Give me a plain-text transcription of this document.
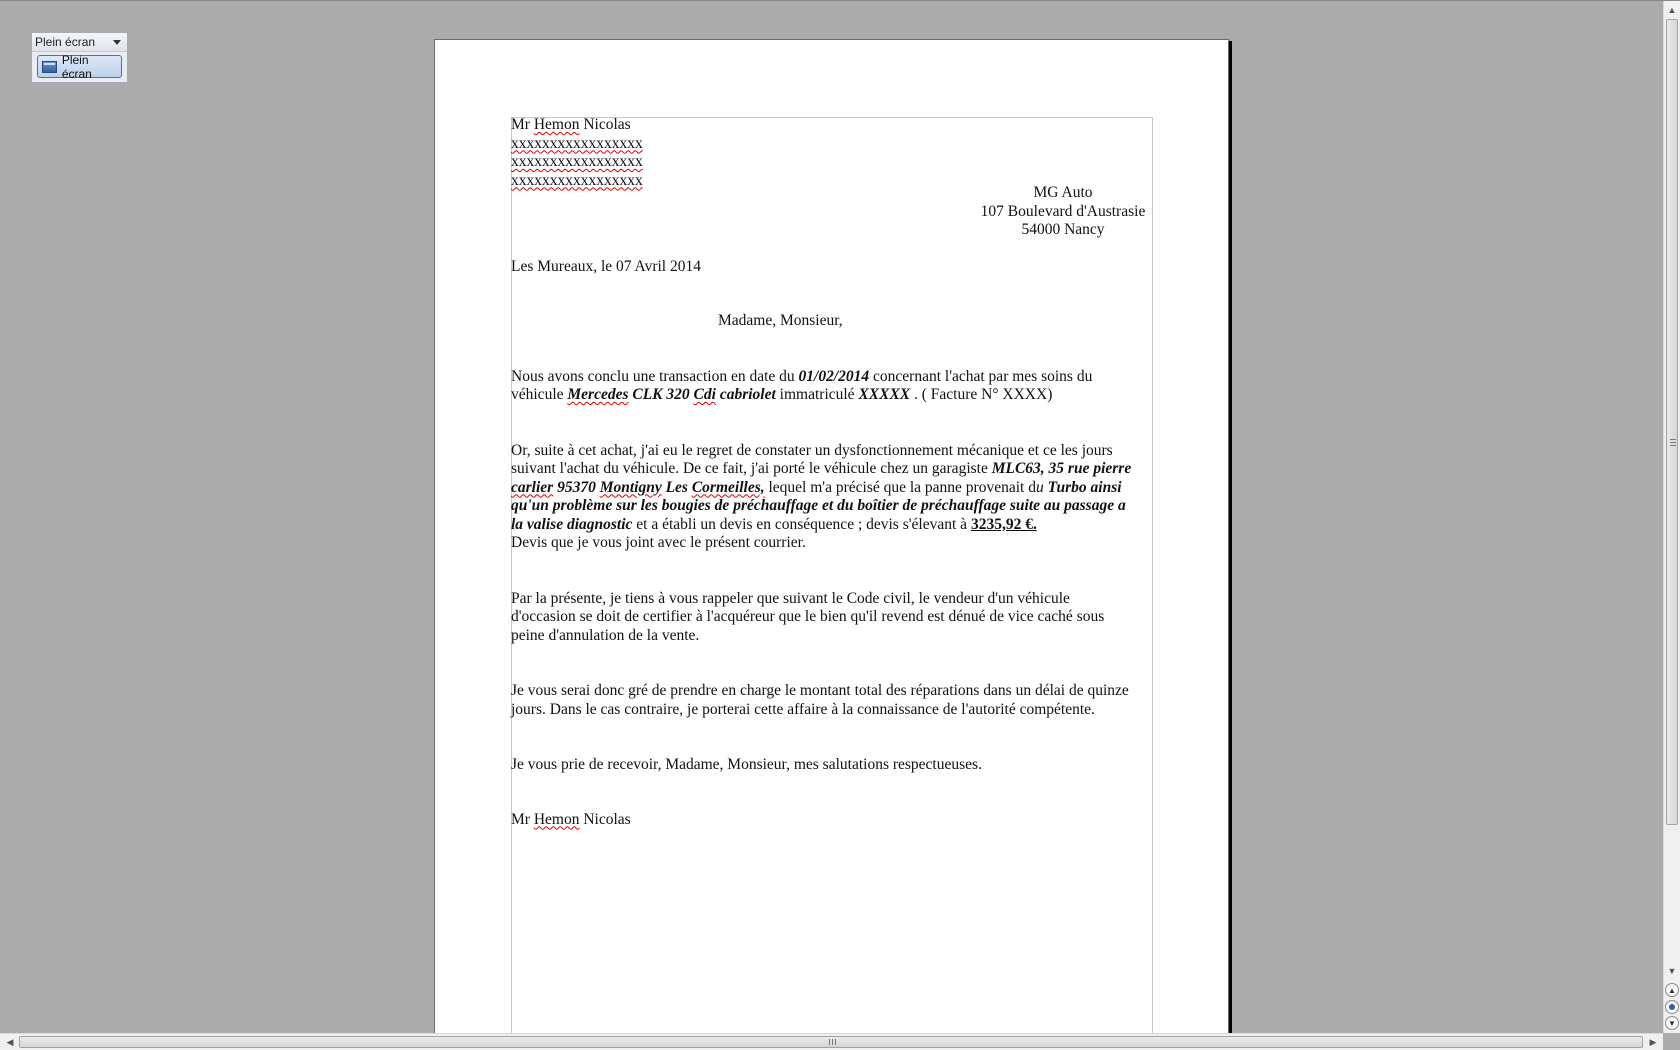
Plein écran
Plein écran
Mr Hemon Nicolas
xxxxxxxxxxxxxxxxx
xxxxxxxxxxxxxxxxx
xxxxxxxxxxxxxxxxx
MG Auto
107 Boulevard d'Austrasie
54000 Nancy
Les Mureaux, le 07 Avril 2014
Madame, Monsieur,
Nous avons conclu une transaction en date du 01/02/2014 concernant l'achat par mes soins du
véhicule Mercedes CLK 320 Cdi cabriolet immatriculé XXXXX . ( Facture N° XXXX)
Or, suite à cet achat, j'ai eu le regret de constater un dysfonctionnement mécanique et ce les jours
suivant l'achat du véhicule. De ce fait, j'ai porté le véhicule chez un garagiste MLC63, 35 rue pierre
carlier 95370 Montigny Les Cormeilles, lequel m'a précisé que la panne provenait du Turbo ainsi
qu'un problème sur les bougies de préchauffage et du boîtier de préchauffage suite au passage a
la valise diagnostic et a établi un devis en conséquence ; devis s'élevant à 3235,92 €.
Devis que je vous joint avec le présent courrier.
Par la présente, je tiens à vous rappeler que suivant le Code civil, le vendeur d'un véhicule
d'occasion se doit de certifier à l'acquéreur que le bien qu'il revend est dénué de vice caché sous
peine d'annulation de la vente.
Je vous serai donc gré de prendre en charge le montant total des réparations dans un délai de quinze
jours. Dans le cas contraire, je porterai cette affaire à la connaissance de l'autorité compétente.
Je vous prie de recevoir, Madame, Monsieur, mes salutations respectueuses.
Mr Hemon Nicolas
▲
▼
▲
▼
◀	▶
